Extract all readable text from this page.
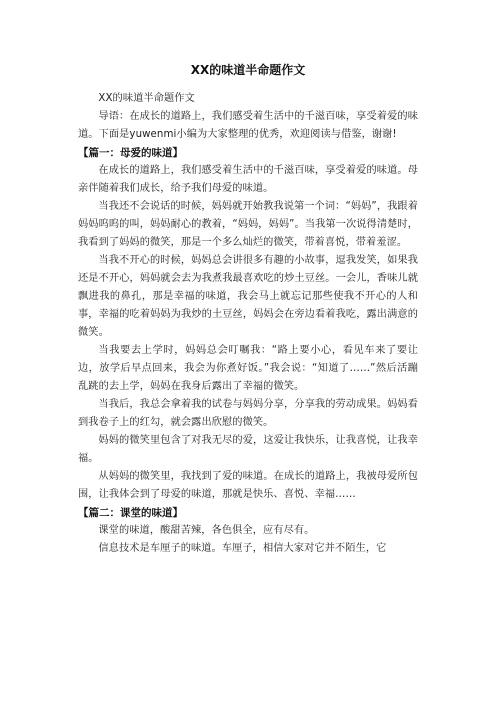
XX的味道半命题作文

XX的味道半命题作文

导语：在成长的道路上，我们感受着生活中的千滋百味，享受着爱的味道。下面是yuwenmi小编为大家整理的优秀，欢迎阅读与借鉴，谢谢!

【篇一：母爱的味道】

在成长的道路上，我们感受着生活中的千滋百味，享受着爱的味道。母亲伴随着我们成长，给予我们母爱的味道。

当我还不会说话的时候，妈妈就开始教我说第一个词：“妈妈”，我跟着妈妈呜呜的叫，妈妈耐心的教着，“妈妈，妈妈”。当我第一次说得清楚时，我看到了妈妈的微笑，那是一个多么灿烂的微笑，带着喜悦，带着羞涩。

当我不开心的时候，妈妈总会讲很多有趣的小故事，逗我发笑，如果我还是不开心，妈妈就会去为我煮我最喜欢吃的炒土豆丝。一会儿，香味儿就飘进我的鼻孔，那是幸福的味道，我会马上就忘记那些使我不开心的人和事，幸福的吃着妈妈为我炒的土豆丝，妈妈会在旁边看着我吃，露出满意的微笑。

当我要去上学时，妈妈总会叮嘱我：“路上要小心，看见车来了要让边，放学后早点回来，我会为你煮好饭。”我会说：“知道了……”然后活蹦乱跳的去上学，妈妈在我身后露出了幸福的微笑。

当我后，我总会拿着我的试卷与妈妈分享，分享我的劳动成果。妈妈看到我卷子上的红勾，就会露出欣慰的微笑。

妈妈的微笑里包含了对我无尽的爱，这爱让我快乐，让我喜悦，让我幸福。

从妈妈的微笑里，我找到了爱的味道。在成长的道路上，我被母爱所包围，让我体会到了母爱的味道，那就是快乐、喜悦、幸福……

【篇二：课堂的味道】

课堂的味道，酸甜苦辣，各色俱全，应有尽有。

信息技术是车厘子的味道。车厘子，相信大家对它并不陌生，它
